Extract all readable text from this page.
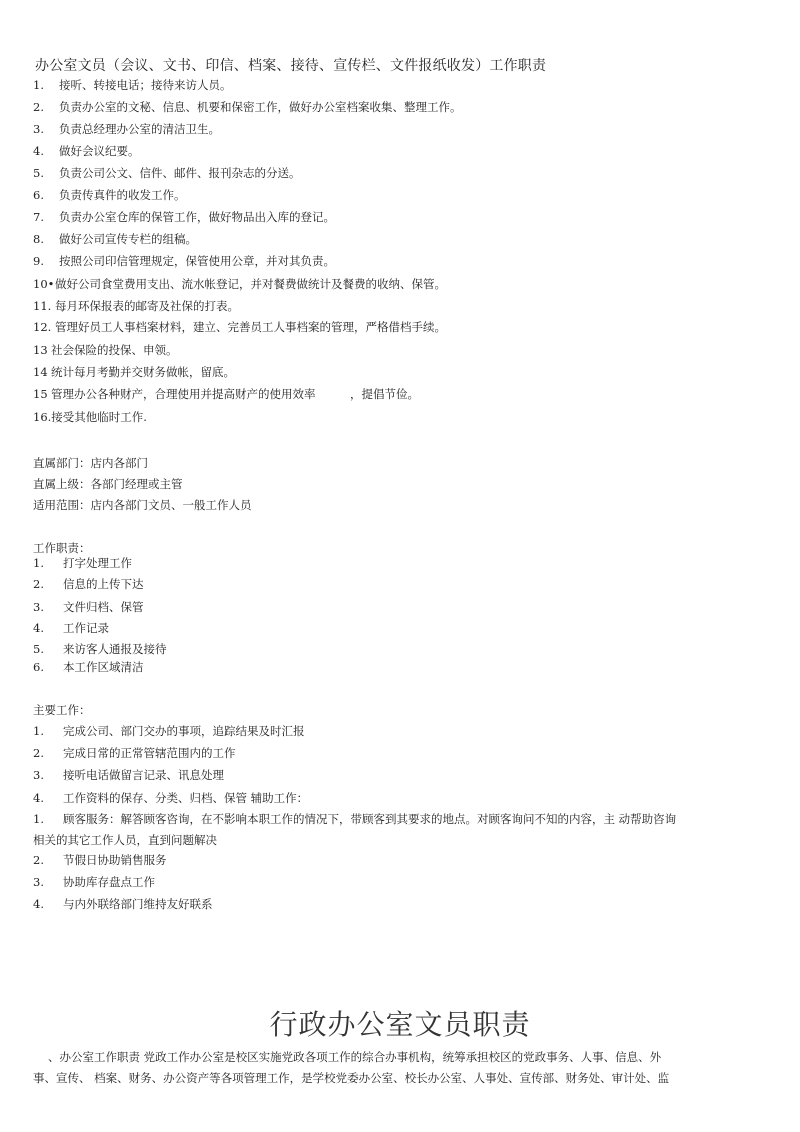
办公室文员（会议、文书、印信、档案、接待、宣传栏、文件报纸收发）工作职责
1. 接听、转接电话；接待来访人员。
2. 负责办公室的文秘、信息、机要和保密工作，做好办公室档案收集、整理工作。
3. 负责总经理办公室的清洁卫生。
4. 做好会议纪要。
5. 负责公司公文、信件、邮件、报刊杂志的分送。
6. 负责传真件的收发工作。
7. 负责办公室仓库的保管工作，做好物品出入库的登记。
8. 做好公司宣传专栏的组稿。
9. 按照公司印信管理规定，保管使用公章，并对其负责。
10•做好公司食堂费用支出、流水帐登记，并对餐费做统计及餐费的收纳、保管。
11. 每月环保报表的邮寄及社保的打表。
12. 管理好员工人事档案材料，建立、完善员工人事档案的管理，严格借档手续。
13 社会保险的投保、申领。
14 统计每月考勤并交财务做帐，留底。
15 管理办公各种财产，合理使用并提高财产的使用效率　　　，提倡节俭。
16.接受其他临时工作.
直属部门：店内各部门
直属上级：各部门经理或主管
适用范围：店内各部门文员、一般工作人员
工作职责：
1. 打字处理工作
2. 信息的上传下达
3. 文件归档、保管
4. 工作记录
5. 来访客人通报及接待
6. 本工作区域清洁
主要工作：
1. 完成公司、部门交办的事项，追踪结果及时汇报
2. 完成日常的正常管辖范围内的工作
3. 接听电话做留言记录、讯息处理
4. 工作资料的保存、分类、归档、保管 辅助工作：
1. 顾客服务：解答顾客咨询，在不影响本职工作的情况下，带顾客到其要求的地点。对顾客询问不知的内容，主 动帮助咨询
相关的其它工作人员，直到问题解决
2. 节假日协助销售服务
3. 协助库存盘点工作
4. 与内外联络部门维持友好联系
行政办公室文员职责
、办公室工作职责 党政工作办公室是校区实施党政各项工作的综合办事机构，统筹承担校区的党政事务、人事、信息、外
事、宣传、 档案、财务、办公资产等各项管理工作，是学校党委办公室、校长办公室、人事处、宣传部、财务处、审计处、监
